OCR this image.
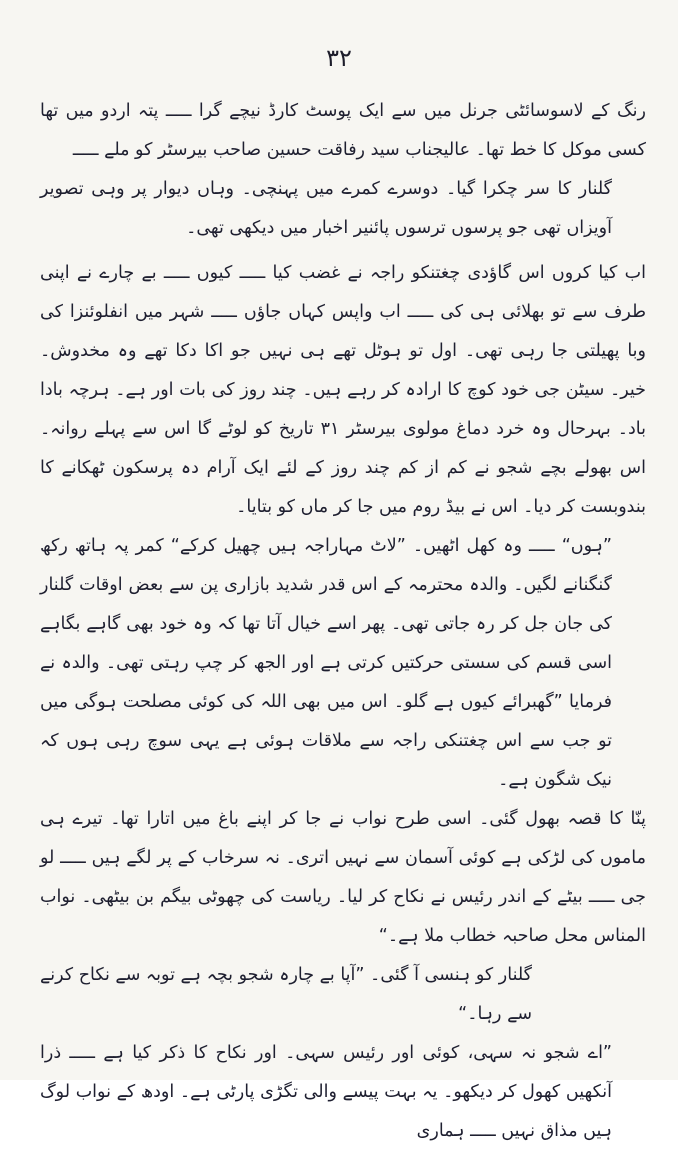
۳۲

رنگ کے لاسوسائٹی جرنل میں سے ایک پوسٹ کارڈ نیچے گرا ـــــ پتہ اردو میں تھا کسی موکل کا خط تھا۔ عالیجناب سید رفاقت حسین صاحب بیرسٹر کو ملے ـــــ

گلنار کا سر چکرا گیا۔ دوسرے کمرے میں پہنچی۔ وہاں دیوار پر وہی تصویر آویزاں تھی جو پرسوں ترسوں پائنیر اخبار میں دیکھی تھی۔

اب کیا کروں اس گاؤدی چغتنکو راجہ نے غضب کیا ـــــ کیوں ـــــ بے چارے نے اپنی طرف سے تو بھلائی ہی کی ـــــ اب واپس کہاں جاؤں ـــــ شہر میں انفلوئنزا کی وبا پھیلتی جا رہی تھی۔ اول تو ہوٹل تھے ہی نہیں جو اکا دکا تھے وہ مخدوش۔ خیر۔ سیٹن جی خود کوچ کا ارادہ کر رہے ہیں۔ چند روز کی بات اور ہے۔ ہرچہ بادا باد۔ بہرحال وہ خرد دماغ مولوی بیرسٹر ۳۱ تاریخ کو لوٹے گا اس سے پہلے روانہ۔ اس بھولے بچے شجو نے کم از کم چند روز کے لئے ایک آرام دہ پرسکون ٹھکانے کا بندوبست کر دیا۔ اس نے بیڈ روم میں جا کر ماں کو بتایا۔

”ہوں“ ـــــ وہ کھل اٹھیں۔ ”لاٹ مہاراجہ ہیں چھیل کرکے“ کمر پہ ہاتھ رکھ گنگنانے لگیں۔ والدہ محترمہ کے اس قدر شدید بازاری پن سے بعض اوقات گلنار کی جان جل کر رہ جاتی تھی۔ پھر اسے خیال آتا تھا کہ وہ خود بھی گاہے بگاہے اسی قسم کی سستی حرکتیں کرتی ہے اور الجھ کر چپ رہتی تھی۔ والدہ نے فرمایا ”گھبرائے کیوں ہے گلو۔ اس میں بھی اللہ کی کوئی مصلحت ہوگی میں تو جب سے اس چغتنکی راجہ سے ملاقات ہوئی ہے یہی سوچ رہی ہوں کہ نیک شگون ہے۔

پنّا کا قصہ بھول گئی۔ اسی طرح نواب نے جا کر اپنے باغ میں اتارا تھا۔ تیرے ہی ماموں کی لڑکی ہے کوئی آسمان سے نہیں اتری۔ نہ سرخاب کے پر لگے ہیں ـــــ لو جی ـــــ بیٹے کے اندر رئیس نے نکاح کر لیا۔ ریاست کی چھوٹی بیگم بن بیٹھی۔ نواب المناس محل صاحبہ خطاب ملا ہے۔“

گلنار کو ہنسی آ گئی۔ ”آپا بے چارہ شجو بچہ ہے توبہ سے نکاح کرنے سے رہا۔“

”اے شجو نہ سہی، کوئی اور رئیس سہی۔ اور نکاح کا ذکر کیا ہے ـــــ ذرا آنکھیں کھول کر دیکھو۔ یہ بہت پیسے والی تگڑی پارٹی ہے۔ اودھ کے نواب لوگ ہیں مذاق نہیں ـــــ ہماری
